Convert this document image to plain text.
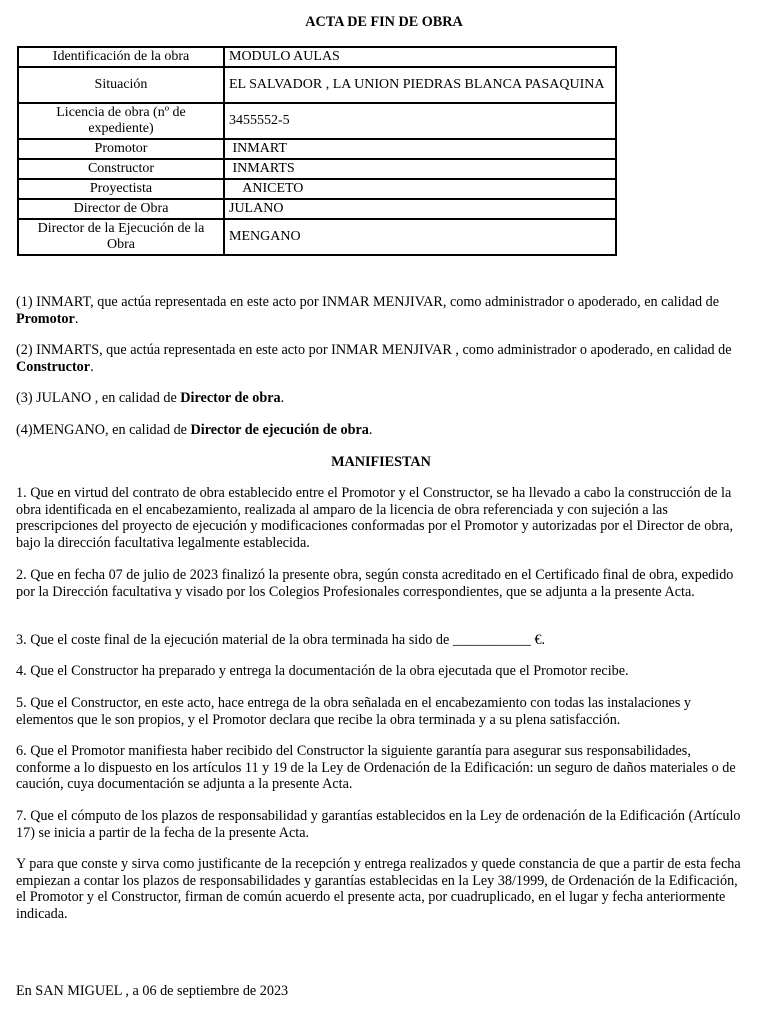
ACTA DE FIN DE OBRA
Identificación de la obra	MODULO AULAS
Situación	EL SALVADOR , LA UNION PIEDRAS BLANCA PASAQUINA
Licencia de obra (nº de expediente)	3455552-5
Promotor	INMART
Constructor	INMARTS
Proyectista	ANICETO
Director de Obra	JULANO
Director de la Ejecución de la Obra	MENGANO

(1) INMART, que actúa representada en este acto por INMAR MENJIVAR, como administrador o apoderado, en calidad de Promotor.

(2) INMARTS, que actúa representada en este acto por INMAR MENJIVAR , como administrador o apoderado, en calidad de Constructor.

(3) JULANO , en calidad de Director de obra.

(4)MENGANO, en calidad de Director de ejecución de obra.

MANIFIESTAN

1. Que en virtud del contrato de obra establecido entre el Promotor y el Constructor, se ha llevado a cabo la construcción de la obra identificada en el encabezamiento, realizada al amparo de la licencia de obra referenciada y con sujeción a las prescripciones del proyecto de ejecución y modificaciones conformadas por el Promotor y autorizadas por el Director de obra, bajo la dirección facultativa legalmente establecida.

2. Que en fecha 07 de julio de 2023 finalizó la presente obra, según consta acreditado en el Certificado final de obra, expedido por la Dirección facultativa y visado por los Colegios Profesionales correspondientes, que se adjunta a la presente Acta.

3. Que el coste final de la ejecución material de la obra terminada ha sido de ___________ €.

4. Que el Constructor ha preparado y entrega la documentación de la obra ejecutada que el Promotor recibe.

5. Que el Constructor, en este acto, hace entrega de la obra señalada en el encabezamiento con todas las instalaciones y elementos que le son propios, y el Promotor declara que recibe la obra terminada y a su plena satisfacción.

6. Que el Promotor manifiesta haber recibido del Constructor la siguiente garantía para asegurar sus responsabilidades, conforme a lo dispuesto en los artículos 11 y 19 de la Ley de Ordenación de la Edificación: un seguro de daños materiales o de caución, cuya documentación se adjunta a la presente Acta.

7. Que el cómputo de los plazos de responsabilidad y garantías establecidos en la Ley de ordenación de la Edificación (Artículo 17) se inicia a partir de la fecha de la presente Acta.

Y para que conste y sirva como justificante de la recepción y entrega realizados y quede constancia de que a partir de esta fecha empiezan a contar los plazos de responsabilidades y garantías establecidas en la Ley 38/1999, de Ordenación de la Edificación, el Promotor y el Constructor, firman de común acuerdo el presente acta, por cuadruplicado, en el lugar y fecha anteriormente indicada.

En SAN MIGUEL , a 06 de septiembre de 2023
